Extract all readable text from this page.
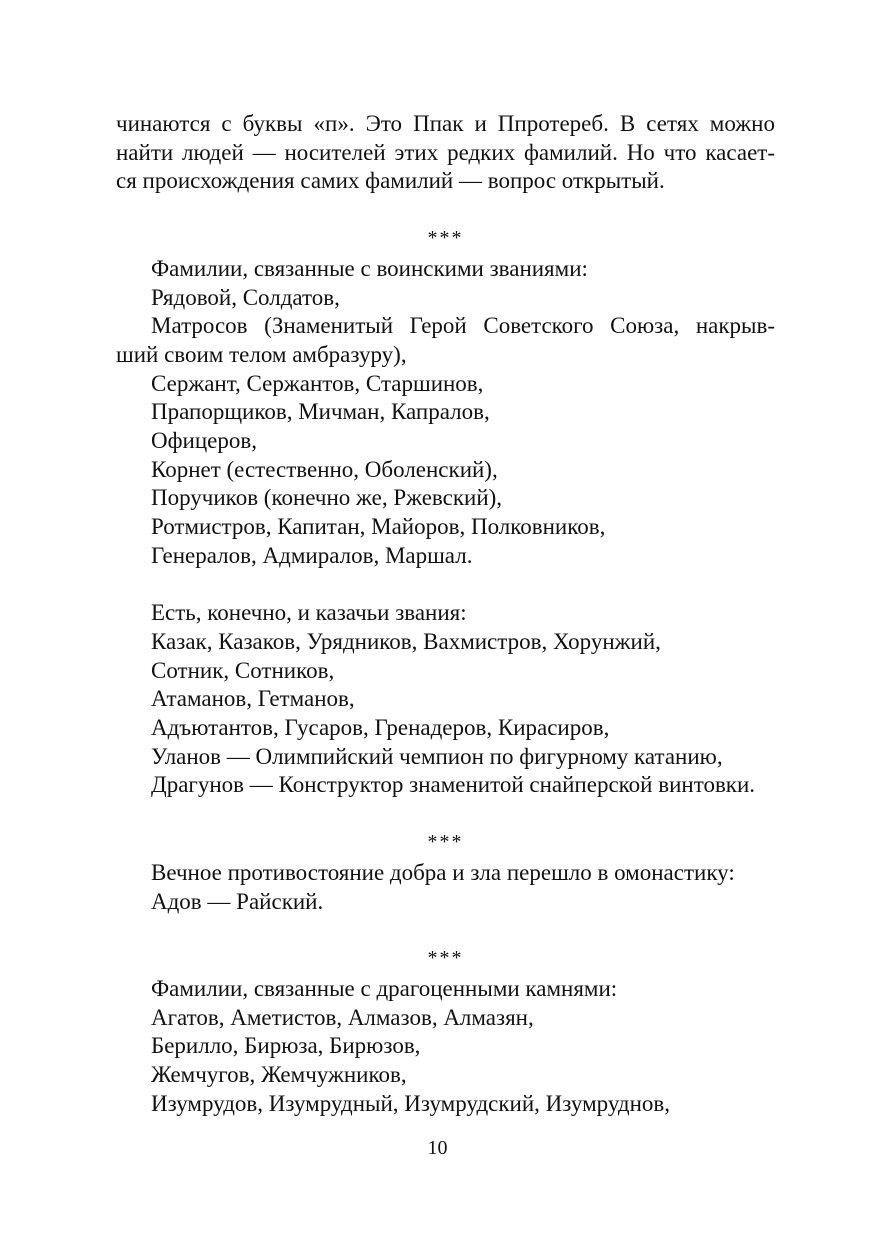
чинаются с буквы «п». Это Ппак и Ппротереб. В сетях можно

найти людей — носителей этих редких фамилий. Но что касает-

ся происхождения самих фамилий — вопрос открытый.

***

Фамилии, связанные с воинскими званиями:

Рядовой, Солдатов,

Матросов (Знаменитый Герой Советского Союза, накрыв-

ший своим телом амбразуру),

Сержант, Сержантов, Старшинов,

Прапорщиков, Мичман, Капралов,

Офицеров,

Корнет (естественно, Оболенский),

Поручиков (конечно же, Ржевский),

Ротмистров, Капитан, Майоров, Полковников,

Генералов, Адмиралов, Маршал.

Есть, конечно, и казачьи звания:

Казак, Казаков, Урядников, Вахмистров, Хорунжий,

Сотник, Сотников,

Атаманов, Гетманов,

Адъютантов, Гусаров, Гренадеров, Кирасиров,

Уланов — Олимпийский чемпион по фигурному катанию,

Драгунов — Конструктор знаменитой снайперской винтовки.

***

Вечное противостояние добра и зла перешло в омонастику:

Адов — Райский.

***

Фамилии, связанные с драгоценными камнями:

Агатов, Аметистов, Алмазов, Алмазян,

Берилло, Бирюза, Бирюзов,

Жемчугов, Жемчужников,

Изумрудов, Изумрудный, Изумрудский, Изумруднов,

10
